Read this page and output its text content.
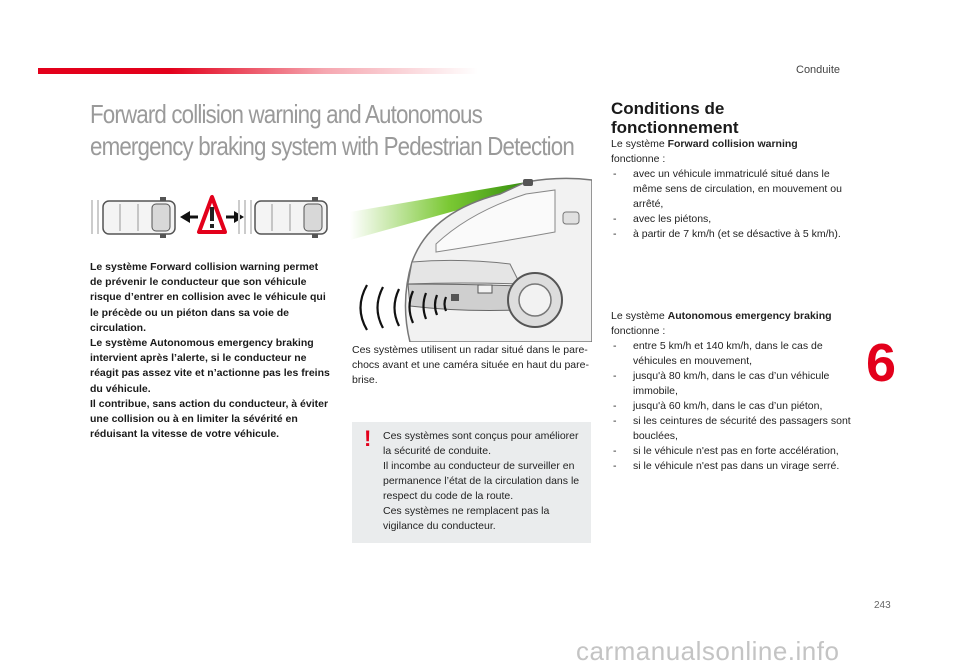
Conduite
Forward collision warning and Autonomous
emergency braking system with Pedestrian Detection

Le système Forward collision warning permet de prévenir le conducteur que son véhicule risque d’entrer en collision avec le véhicule qui le précède ou un piéton dans sa voie de circulation.

Le système Autonomous emergency braking intervient après l’alerte, si le conducteur ne réagit pas assez vite et n’actionne pas les freins du véhicule.

Il contribue, sans action du conducteur, à éviter une collision ou à en limiter la sévérité en réduisant la vitesse de votre véhicule.

Ces systèmes utilisent un radar situé dans le pare-chocs avant et une caméra située en haut du pare-brise.
! Ces systèmes sont conçus pour améliorer la sécurité de conduite.

Il incombe au conducteur de surveiller en permanence l’état de la circulation dans le respect du code de la route.

Ces systèmes ne remplacent pas la vigilance du conducteur.

Conditions de
fonctionnement

Le système Forward collision warning

fonctionne :

- avec un véhicule immatriculé situé dans le même sens de circulation, en mouvement ou arrêté,
- avec les piétons,
- à partir de 7 km/h (et se désactive à 5 km/h).

Le système Autonomous emergency braking

fonctionne :

- entre 5 km/h et 140 km/h, dans le cas de véhicules en mouvement,
- jusqu'à 80 km/h, dans le cas d’un véhicule immobile,
- jusqu'à 60 km/h, dans le cas d’un piéton,
- si les ceintures de sécurité des passagers sont bouclées,
- si le véhicule n'est pas en forte accélération,
- si le véhicule n'est pas dans un virage serré.
6
243
carmanualsonline.info
